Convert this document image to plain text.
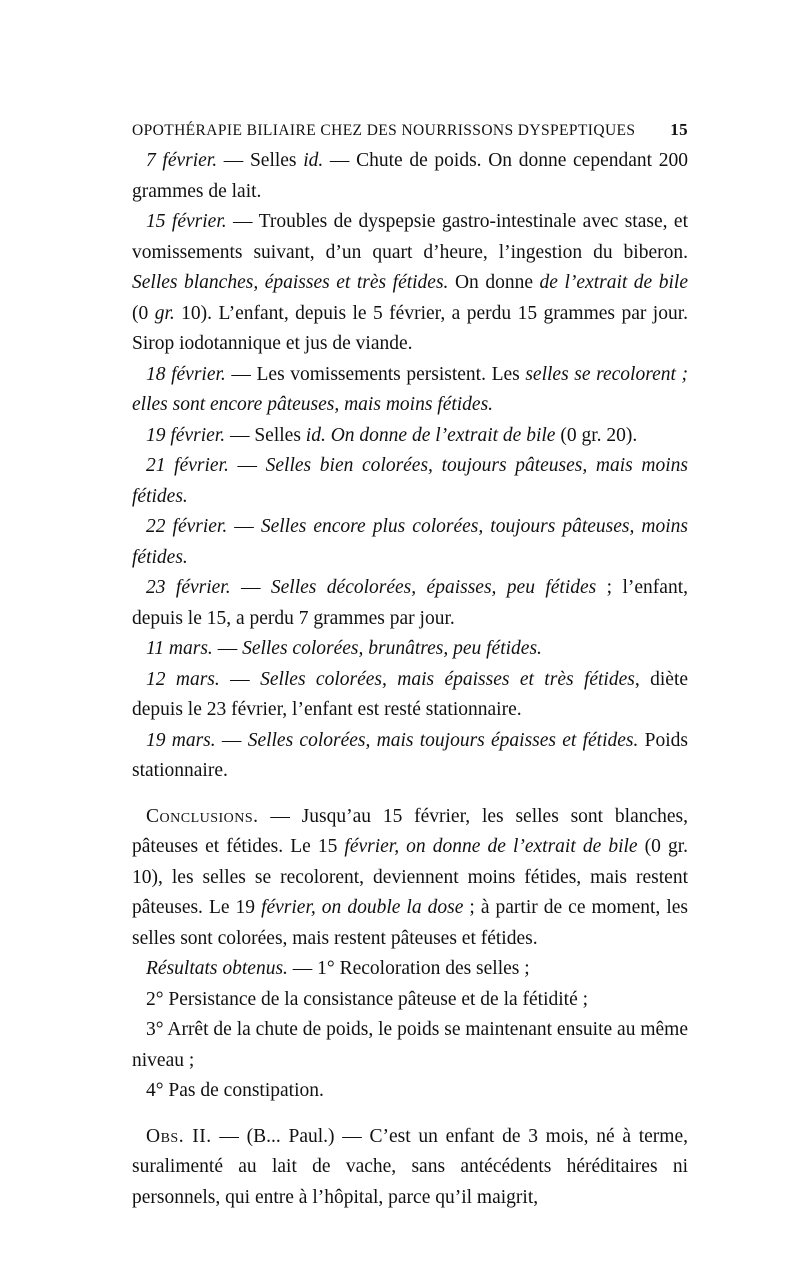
OPOTHÉRAPIE BILIAIRE CHEZ DES NOURRISSONS DYSPEPTIQUES 15

7 février. — Selles id. — Chute de poids. On donne cependant 200 grammes de lait.

15 février. — Troubles de dyspepsie gastro-intestinale avec stase, et vomissements suivant, d’un quart d’heure, l’ingestion du biberon. Selles blanches, épaisses et très fétides. On donne de l’extrait de bile (0 gr. 10). L’enfant, depuis le 5 février, a perdu 15 grammes par jour. Sirop iodotannique et jus de viande.

18 février. — Les vomissements persistent. Les selles se recolorent ; elles sont encore pâteuses, mais moins fétides.

19 février. — Selles id. On donne de l’extrait de bile (0 gr. 20).

21 février. — Selles bien colorées, toujours pâteuses, mais moins fétides.

22 février. — Selles encore plus colorées, toujours pâteuses, moins fétides.

23 février. — Selles décolorées, épaisses, peu fétides ; l’enfant, depuis le 15, a perdu 7 grammes par jour.

11 mars. — Selles colorées, brunâtres, peu fétides.

12 mars. — Selles colorées, mais épaisses et très fétides, diète depuis le 23 février, l’enfant est resté stationnaire.

19 mars. — Selles colorées, mais toujours épaisses et fétides. Poids stationnaire.

Conclusions. — Jusqu’au 15 février, les selles sont blanches, pâteuses et fétides. Le 15 février, on donne de l’extrait de bile (0 gr. 10), les selles se recolorent, deviennent moins fétides, mais restent pâteuses. Le 19 février, on double la dose ; à partir de ce moment, les selles sont colorées, mais restent pâteuses et fétides.

Résultats obtenus. — 1° Recoloration des selles ;

2° Persistance de la consistance pâteuse et de la fétidité ;

3° Arrêt de la chute de poids, le poids se maintenant ensuite au même niveau ;

4° Pas de constipation.

Obs. II. — (B... Paul.) — C’est un enfant de 3 mois, né à terme, suralimenté au lait de vache, sans antécédents héréditaires ni personnels, qui entre à l’hôpital, parce qu’il maigrit,
